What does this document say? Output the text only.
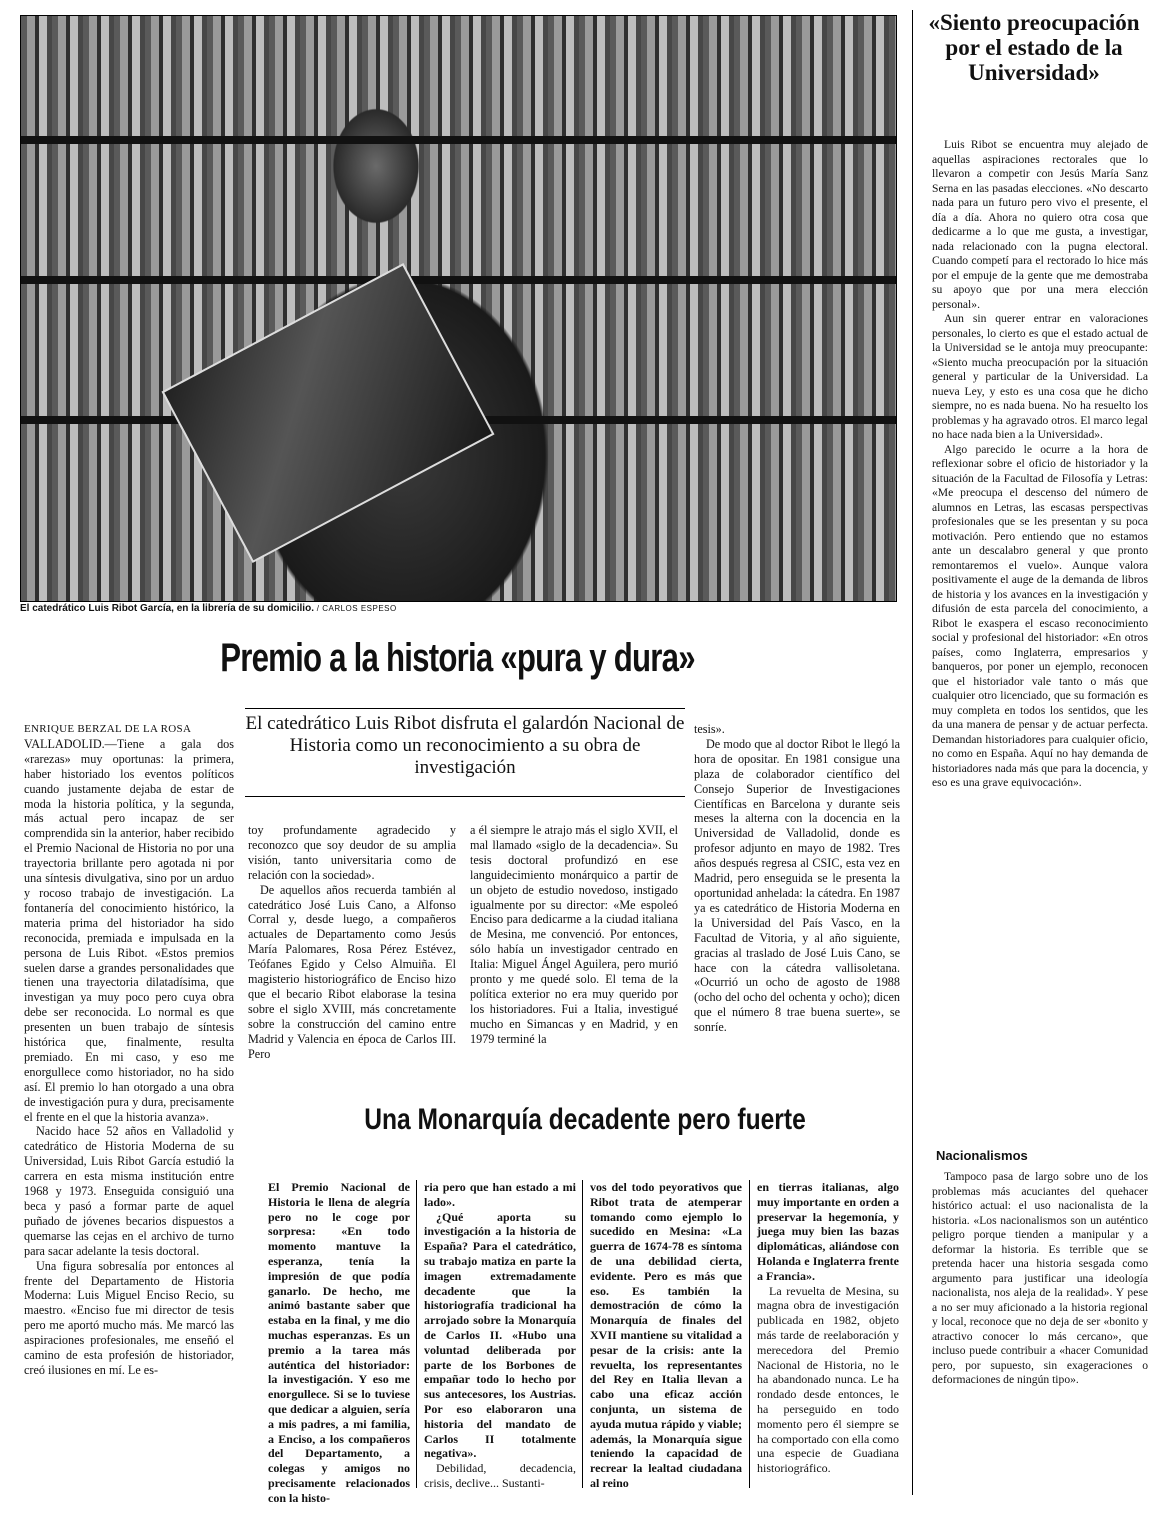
El catedrático Luis Ribot García, en la librería de su domicilio. / CARLOS ESPESO
Premio a la historia «pura y dura»
El catedrático Luis Ribot disfruta el galardón Nacional de Historia como un reconocimiento a su obra de investigación

ENRIQUE BERZAL DE LA ROSA

VALLADOLID.—Tiene a gala dos «rarezas» muy oportunas: la primera, haber historiado los eventos políticos cuando justamente dejaba de estar de moda la historia política, y la segunda, más actual pero incapaz de ser comprendida sin la anterior, haber recibido el Premio Nacional de Historia no por una trayectoria brillante pero agotada ni por una síntesis divulgativa, sino por un arduo y rocoso trabajo de investigación. La fontanería del conocimiento histórico, la materia prima del historiador ha sido reconocida, premiada e impulsada en la persona de Luis Ribot. «Estos premios suelen darse a grandes personalidades que tienen una trayectoria dilatadísima, que investigan ya muy poco pero cuya obra debe ser reconocida. Lo normal es que presenten un buen trabajo de síntesis histórica que, finalmente, resulta premiado. En mi caso, y eso me enorgullece como historiador, no ha sido así. El premio lo han otorgado a una obra de investigación pura y dura, precisamente el frente en el que la historia avanza».

Nacido hace 52 años en Valladolid y catedrático de Historia Moderna de su Universidad, Luis Ribot García estudió la carrera en esta misma institución entre 1968 y 1973. Enseguida consiguió una beca y pasó a formar parte de aquel puñado de jóvenes becarios dispuestos a quemarse las cejas en el archivo de turno para sacar adelante la tesis doctoral.

Una figura sobresalía por entonces al frente del Departamento de Historia Moderna: Luis Miguel Enciso Recio, su maestro. «Enciso fue mi director de tesis pero me aportó mucho más. Me marcó las aspiraciones profesionales, me enseñó el camino de esta profesión de historiador, creó ilusiones en mí. Le es-

toy profundamente agradecido y reconozco que soy deudor de su amplia visión, tanto universitaria como de relación con la sociedad».

De aquellos años recuerda también al catedrático José Luis Cano, a Alfonso Corral y, desde luego, a compañeros actuales de Departamento como Jesús María Palomares, Rosa Pérez Estévez, Teófanes Egido y Celso Almuiña. El magisterio historiográfico de Enciso hizo que el becario Ribot elaborase la tesina sobre el siglo XVIII, más concretamente sobre la construcción del camino entre Madrid y Valencia en época de Carlos III. Pero

a él siempre le atrajo más el siglo XVII, el mal llamado «siglo de la decadencia». Su tesis doctoral profundizó en ese languidecimiento monárquico a partir de un objeto de estudio novedoso, instigado igualmente por su director: «Me espoleó Enciso para dedicarme a la ciudad italiana de Mesina, me convenció. Por entonces, sólo había un investigador centrado en Italia: Miguel Ángel Aguilera, pero murió pronto y me quedé solo. El tema de la política exterior no era muy querido por los historiadores. Fui a Italia, investigué mucho en Simancas y en Madrid, y en 1979 terminé la

tesis».

De modo que al doctor Ribot le llegó la hora de opositar. En 1981 consigue una plaza de colaborador científico del Consejo Superior de Investigaciones Científicas en Barcelona y durante seis meses la alterna con la docencia en la Universidad de Valladolid, donde es profesor adjunto en mayo de 1982. Tres años después regresa al CSIC, esta vez en Madrid, pero enseguida se le presenta la oportunidad anhelada: la cátedra. En 1987 ya es catedrático de Historia Moderna en la Universidad del País Vasco, en la Facultad de Vitoria, y al año siguiente, gracias al traslado de José Luis Cano, se hace con la cátedra vallisoletana. «Ocurrió un ocho de agosto de 1988 (ocho del ocho del ochenta y ocho); dicen que el número 8 trae buena suerte», se sonríe.

Una Monarquía decadente pero fuerte

El Premio Nacional de Historia le llena de alegría pero no le coge por sorpresa: «En todo momento mantuve la esperanza, tenía la impresión de que podía ganarlo. De hecho, me animó bastante saber que estaba en la final, y me dio muchas esperanzas. Es un premio a la tarea más auténtica del historiador: la investigación. Y eso me enorgullece. Si se lo tuviese que dedicar a alguien, sería a mis padres, a mi familia, a Enciso, a los compañeros del Departamento, a colegas y amigos no precisamente relacionados con la histo-

ria pero que han estado a mi lado».

¿Qué aporta su investigación a la historia de España? Para el catedrático, su trabajo matiza en parte la imagen extremadamente decadente que la historiografía tradicional ha arrojado sobre la Monarquía de Carlos II. «Hubo una voluntad deliberada por parte de los Borbones de empañar todo lo hecho por sus antecesores, los Austrias. Por eso elaboraron una historia del mandato de Carlos II totalmente negativa».

Debilidad, decadencia, crisis, declive... Sustanti-

vos del todo peyorativos que Ribot trata de atemperar tomando como ejemplo lo sucedido en Mesina: «La guerra de 1674-78 es síntoma de una debilidad cierta, evidente. Pero es más que eso. Es también la demostración de cómo la Monarquía de finales del XVII mantiene su vitalidad a pesar de la crisis: ante la revuelta, los representantes del Rey en Italia llevan a cabo una eficaz acción conjunta, un sistema de ayuda mutua rápido y viable; además, la Monarquía sigue teniendo la capacidad de recrear la lealtad ciudadana al reino

en tierras italianas, algo muy importante en orden a preservar la hegemonía, y juega muy bien las bazas diplomáticas, aliándose con Holanda e Inglaterra frente a Francia».

La revuelta de Mesina, su magna obra de investigación publicada en 1982, objeto más tarde de reelaboración y merecedora del Premio Nacional de Historia, no le ha abandonado nunca. Le ha rondado desde entonces, le ha perseguido en todo momento pero él siempre se ha comportado con ella como una especie de Guadiana historiográfico.

«Siento preocupación por el estado de la Universidad»

Luis Ribot se encuentra muy alejado de aquellas aspiraciones rectorales que lo llevaron a competir con Jesús María Sanz Serna en las pasadas elecciones. «No descarto nada para un futuro pero vivo el presente, el día a día. Ahora no quiero otra cosa que dedicarme a lo que me gusta, a investigar, nada relacionado con la pugna electoral. Cuando competí para el rectorado lo hice más por el empuje de la gente que me demostraba su apoyo que por una mera elección personal».

Aun sin querer entrar en valoraciones personales, lo cierto es que el estado actual de la Universidad se le antoja muy preocupante: «Siento mucha preocupación por la situación general y particular de la Universidad. La nueva Ley, y esto es una cosa que he dicho siempre, no es nada buena. No ha resuelto los problemas y ha agravado otros. El marco legal no hace nada bien a la Universidad».

Algo parecido le ocurre a la hora de reflexionar sobre el oficio de historiador y la situación de la Facultad de Filosofía y Letras: «Me preocupa el descenso del número de alumnos en Letras, las escasas perspectivas profesionales que se les presentan y su poca motivación. Pero entiendo que no estamos ante un descalabro general y que pronto remontaremos el vuelo». Aunque valora positivamente el auge de la demanda de libros de historia y los avances en la investigación y difusión de esta parcela del conocimiento, a Ribot le exaspera el escaso reconocimiento social y profesional del historiador: «En otros países, como Inglaterra, empresarios y banqueros, por poner un ejemplo, reconocen que el historiador vale tanto o más que cualquier otro licenciado, que su formación es muy completa en todos los sentidos, que les da una manera de pensar y de actuar perfecta. Demandan historiadores para cualquier oficio, no como en España. Aquí no hay demanda de historiadores nada más que para la docencia, y eso es una grave equivocación».

Nacionalismos

Tampoco pasa de largo sobre uno de los problemas más acuciantes del quehacer histórico actual: el uso nacionalista de la historia. «Los nacionalismos son un auténtico peligro porque tienden a manipular y a deformar la historia. Es terrible que se pretenda hacer una historia sesgada como argumento para justificar una ideología nacionalista, nos aleja de la realidad». Y pese a no ser muy aficionado a la historia regional y local, reconoce que no deja de ser «bonito y atractivo conocer lo más cercano», que incluso puede contribuir a «hacer Comunidad pero, por supuesto, sin exageraciones o deformaciones de ningún tipo».
